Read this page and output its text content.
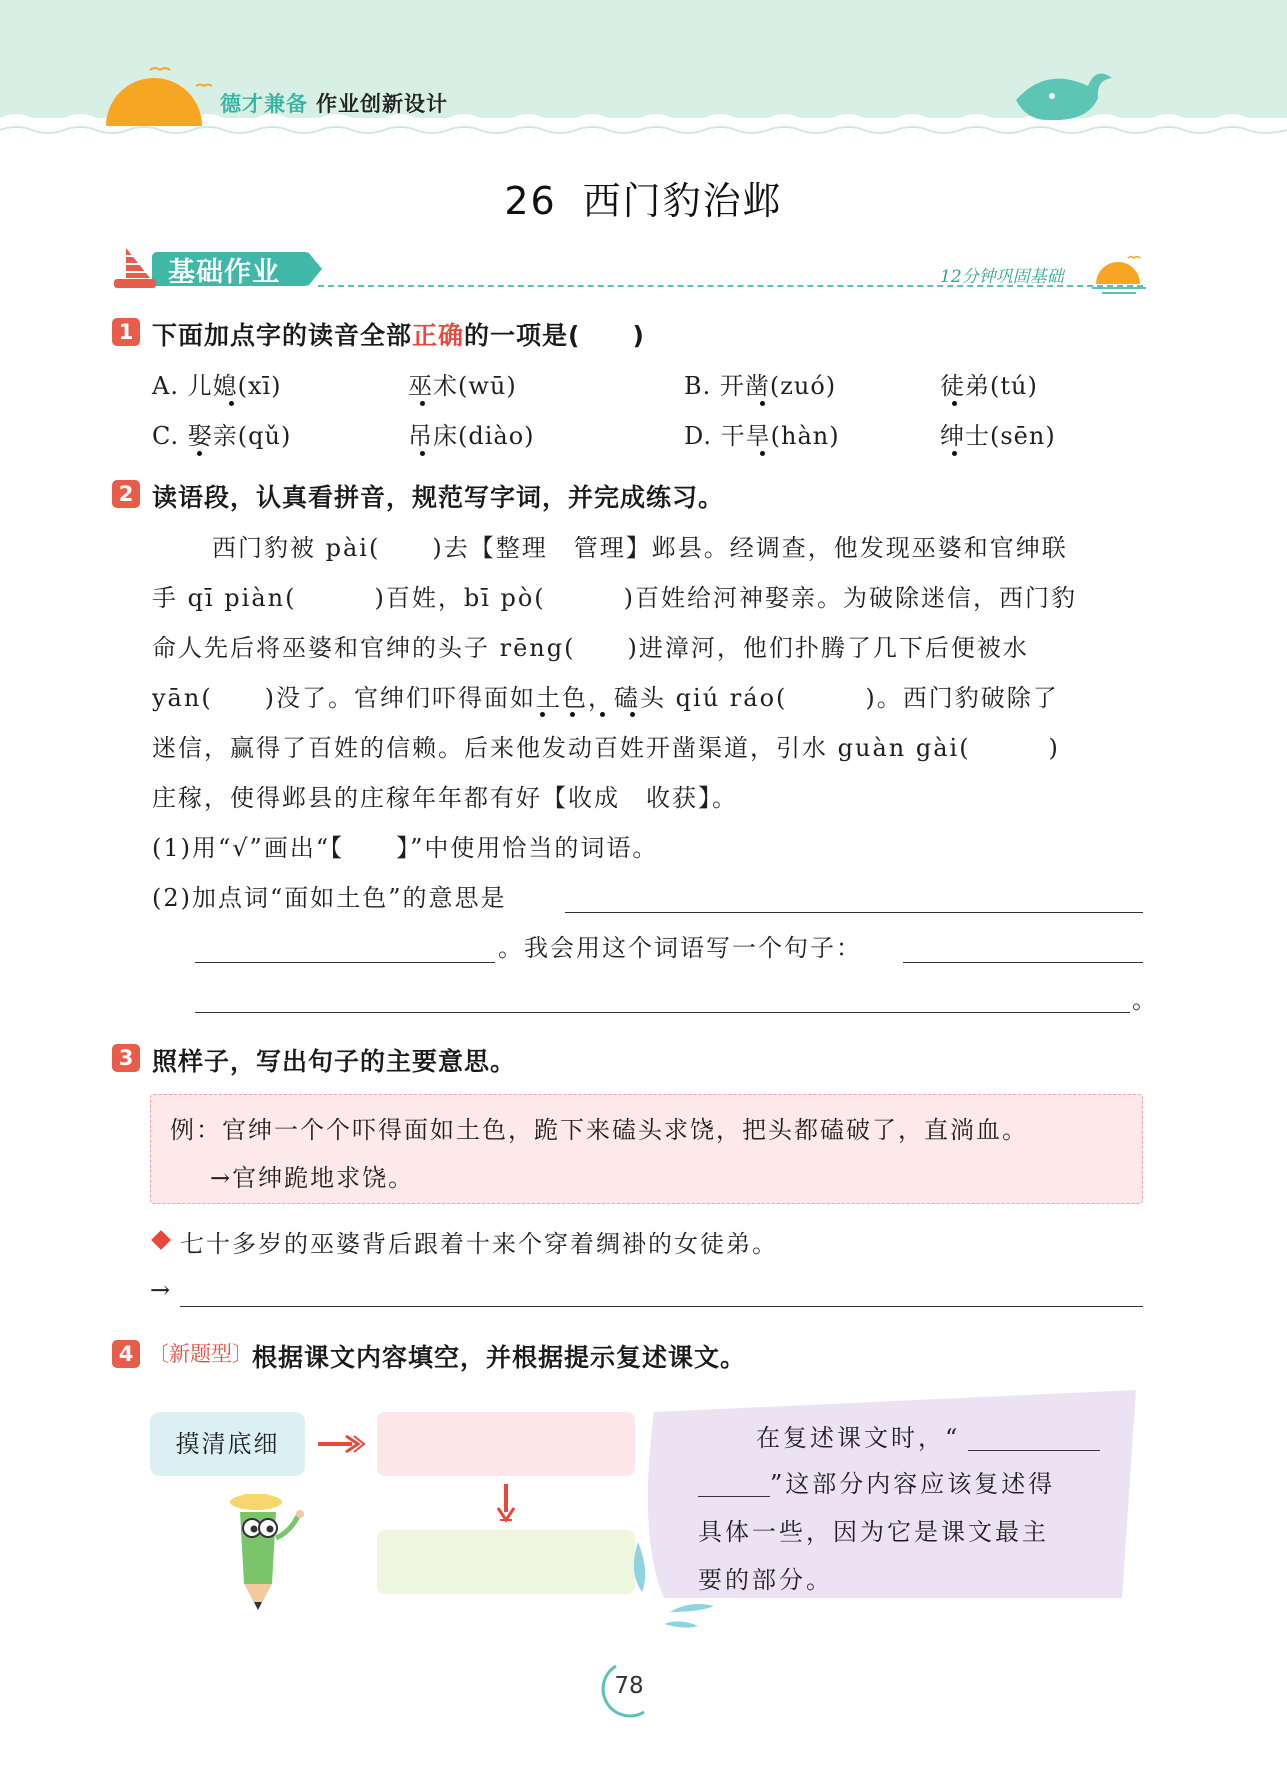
德才兼备 作业创新设计
26 西门豹治邺
基础作业	12分钟巩固基础
1 下面加点字的读音全部正确的一项是(　　)
A. 儿媳(xī)	巫术(wū)	B. 开凿(zuó)	徒弟(tú)
C. 娶亲(qǔ)	吊床(diào)	D. 干旱(hàn)	绅士(sēn)
2 读语段，认真看拼音，规范写字词，并完成练习。
西门豹被 pài(　　)去【整理　管理】邺县。经调查，他发现巫婆和官绅联
手 qī piàn(　　　)百姓，bī pò(　　　)百姓给河神娶亲。为破除迷信，西门豹
命人先后将巫婆和官绅的头子 rēng(　　)进漳河，他们扑腾了几下后便被水
yān(　　)没了。官绅们吓得面如土色，磕头 qiú ráo(　　　)。西门豹破除了
迷信，赢得了百姓的信赖。后来他发动百姓开凿渠道，引水 guàn gài(　　　)
庄稼，使得邺县的庄稼年年都有好【收成　收获】。
(1)用“√”画出“【　　】”中使用恰当的词语。
(2)加点词“面如土色”的意思是
。我会用这个词语写一个句子：
。
3 照样子，写出句子的主要意思。
例：官绅一个个吓得面如土色，跪下来磕头求饶，把头都磕破了，直淌血。
→官绅跪地求饶。
七十多岁的巫婆背后跟着十来个穿着绸褂的女徒弟。
→
4 〔新题型〕 根据课文内容填空，并根据提示复述课文。
摸清底细	在复述课文时，“
”这部分内容应该复述得
具体一些，因为它是课文最主
要的部分。
78
